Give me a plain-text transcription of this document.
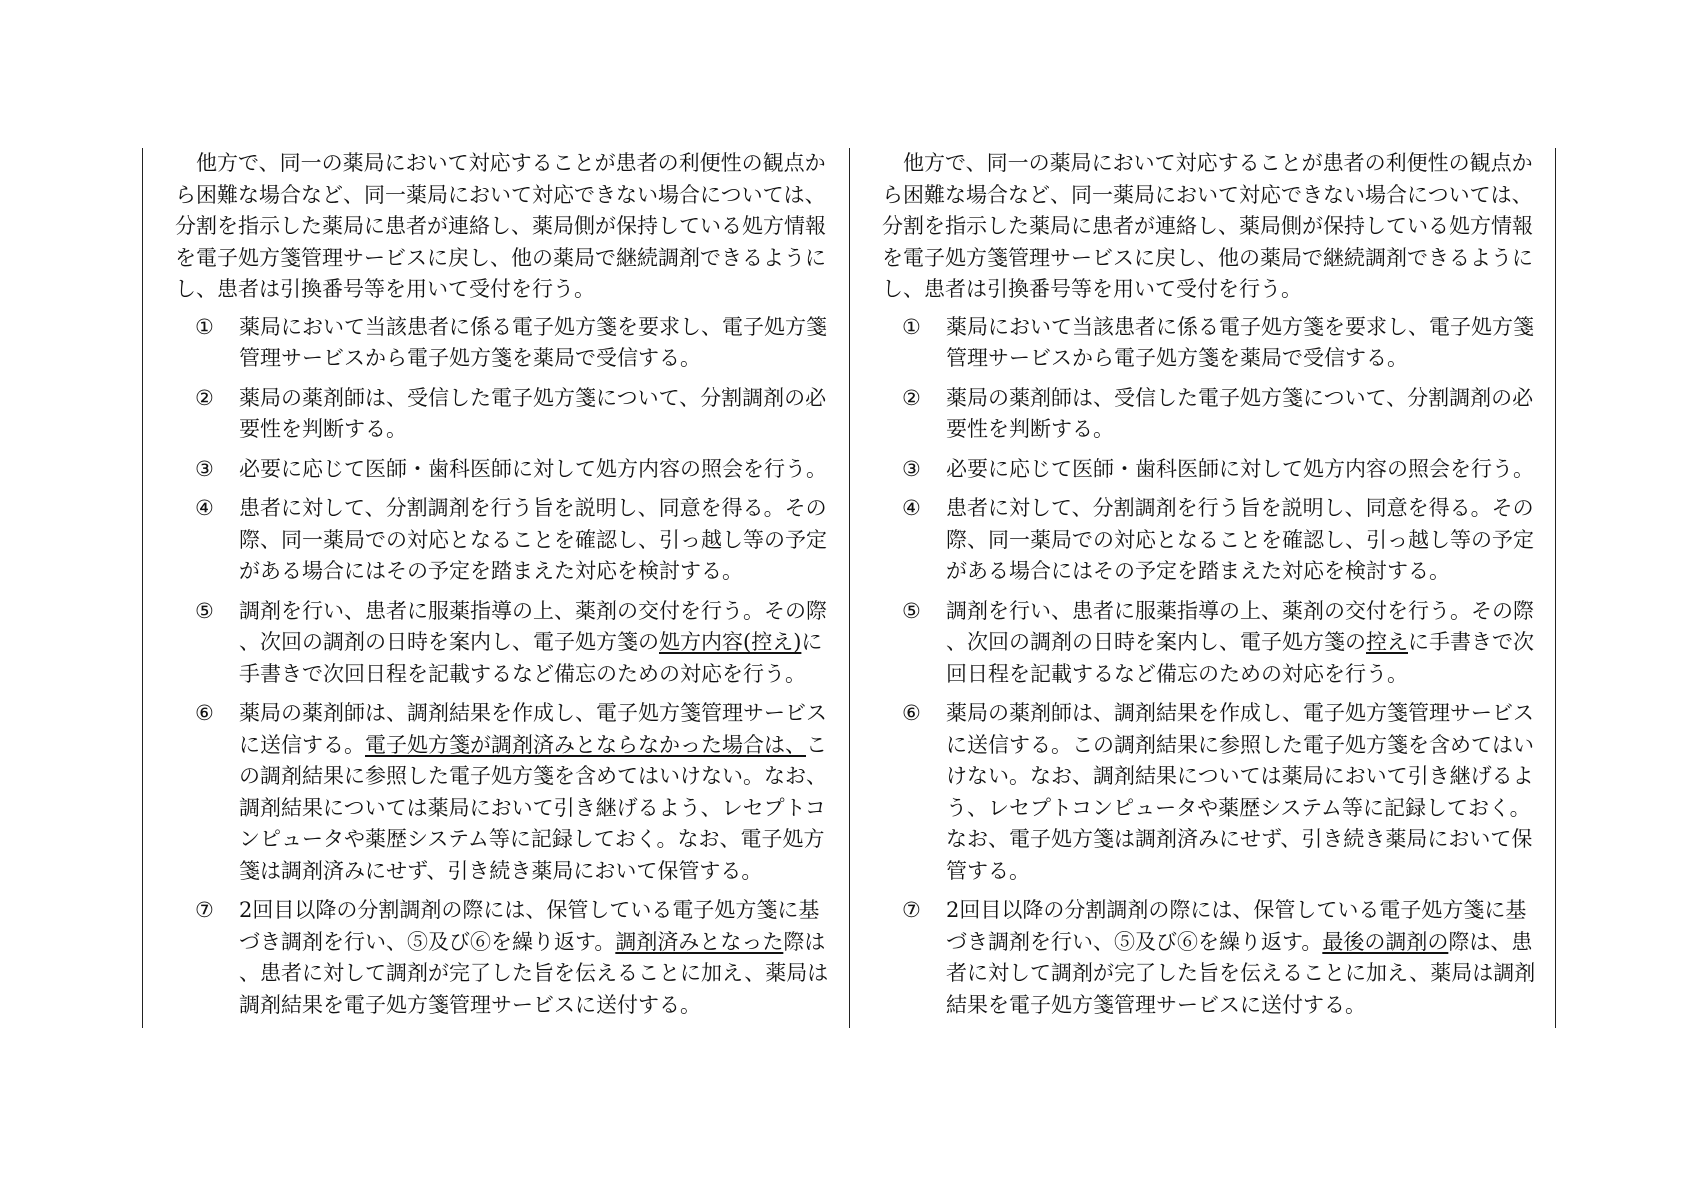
他方で、同一の薬局において対応することが患者の利便性の観点から困難な場合など、同一薬局において対応できない場合については、分割を指示した薬局に患者が連絡し、薬局側が保持している処方情報を電子処方箋管理サービスに戻し、他の薬局で継続調剤できるようにし、患者は引換番号等を用いて受付を行う。

①	薬局において当該患者に係る電子処方箋を要求し、電子処方箋管理サービスから電子処方箋を薬局で受信する。
②	薬局の薬剤師は、受信した電子処方箋について、分割調剤の必要性を判断する。
③	必要に応じて医師・歯科医師に対して処方内容の照会を行う。
④	患者に対して、分割調剤を行う旨を説明し、同意を得る。その際、同一薬局での対応となることを確認し、引っ越し等の予定がある場合にはその予定を踏まえた対応を検討する。
⑤	調剤を行い、患者に服薬指導の上、薬剤の交付を行う。その際、次回の調剤の日時を案内し、電子処方箋の処方内容(控え)に手書きで次回日程を記載するなど備忘のための対応を行う。
⑥	薬局の薬剤師は、調剤結果を作成し、電子処方箋管理サービスに送信する。電子処方箋が調剤済みとならなかった場合は、この調剤結果に参照した電子処方箋を含めてはいけない。なお、調剤結果については薬局において引き継げるよう、レセプトコンピュータや薬歴システム等に記録しておく。なお、電子処方箋は調剤済みにせず、引き続き薬局において保管する。
⑦	2回目以降の分割調剤の際には、保管している電子処方箋に基づき調剤を行い、⑤及び⑥を繰り返す。調剤済みとなった際は、患者に対して調剤が完了した旨を伝えることに加え、薬局は調剤結果を電子処方箋管理サービスに送付する。

他方で、同一の薬局において対応することが患者の利便性の観点から困難な場合など、同一薬局において対応できない場合については、分割を指示した薬局に患者が連絡し、薬局側が保持している処方情報を電子処方箋管理サービスに戻し、他の薬局で継続調剤できるようにし、患者は引換番号等を用いて受付を行う。

①	薬局において当該患者に係る電子処方箋を要求し、電子処方箋管理サービスから電子処方箋を薬局で受信する。
②	薬局の薬剤師は、受信した電子処方箋について、分割調剤の必要性を判断する。
③	必要に応じて医師・歯科医師に対して処方内容の照会を行う。
④	患者に対して、分割調剤を行う旨を説明し、同意を得る。その際、同一薬局での対応となることを確認し、引っ越し等の予定がある場合にはその予定を踏まえた対応を検討する。
⑤	調剤を行い、患者に服薬指導の上、薬剤の交付を行う。その際、次回の調剤の日時を案内し、電子処方箋の控えに手書きで次回日程を記載するなど備忘のための対応を行う。
⑥	薬局の薬剤師は、調剤結果を作成し、電子処方箋管理サービスに送信する。この調剤結果に参照した電子処方箋を含めてはいけない。なお、調剤結果については薬局において引き継げるよう、レセプトコンピュータや薬歴システム等に記録しておく。なお、電子処方箋は調剤済みにせず、引き続き薬局において保管する。
⑦	2回目以降の分割調剤の際には、保管している電子処方箋に基づき調剤を行い、⑤及び⑥を繰り返す。最後の調剤の際は、患者に対して調剤が完了した旨を伝えることに加え、薬局は調剤結果を電子処方箋管理サービスに送付する。
